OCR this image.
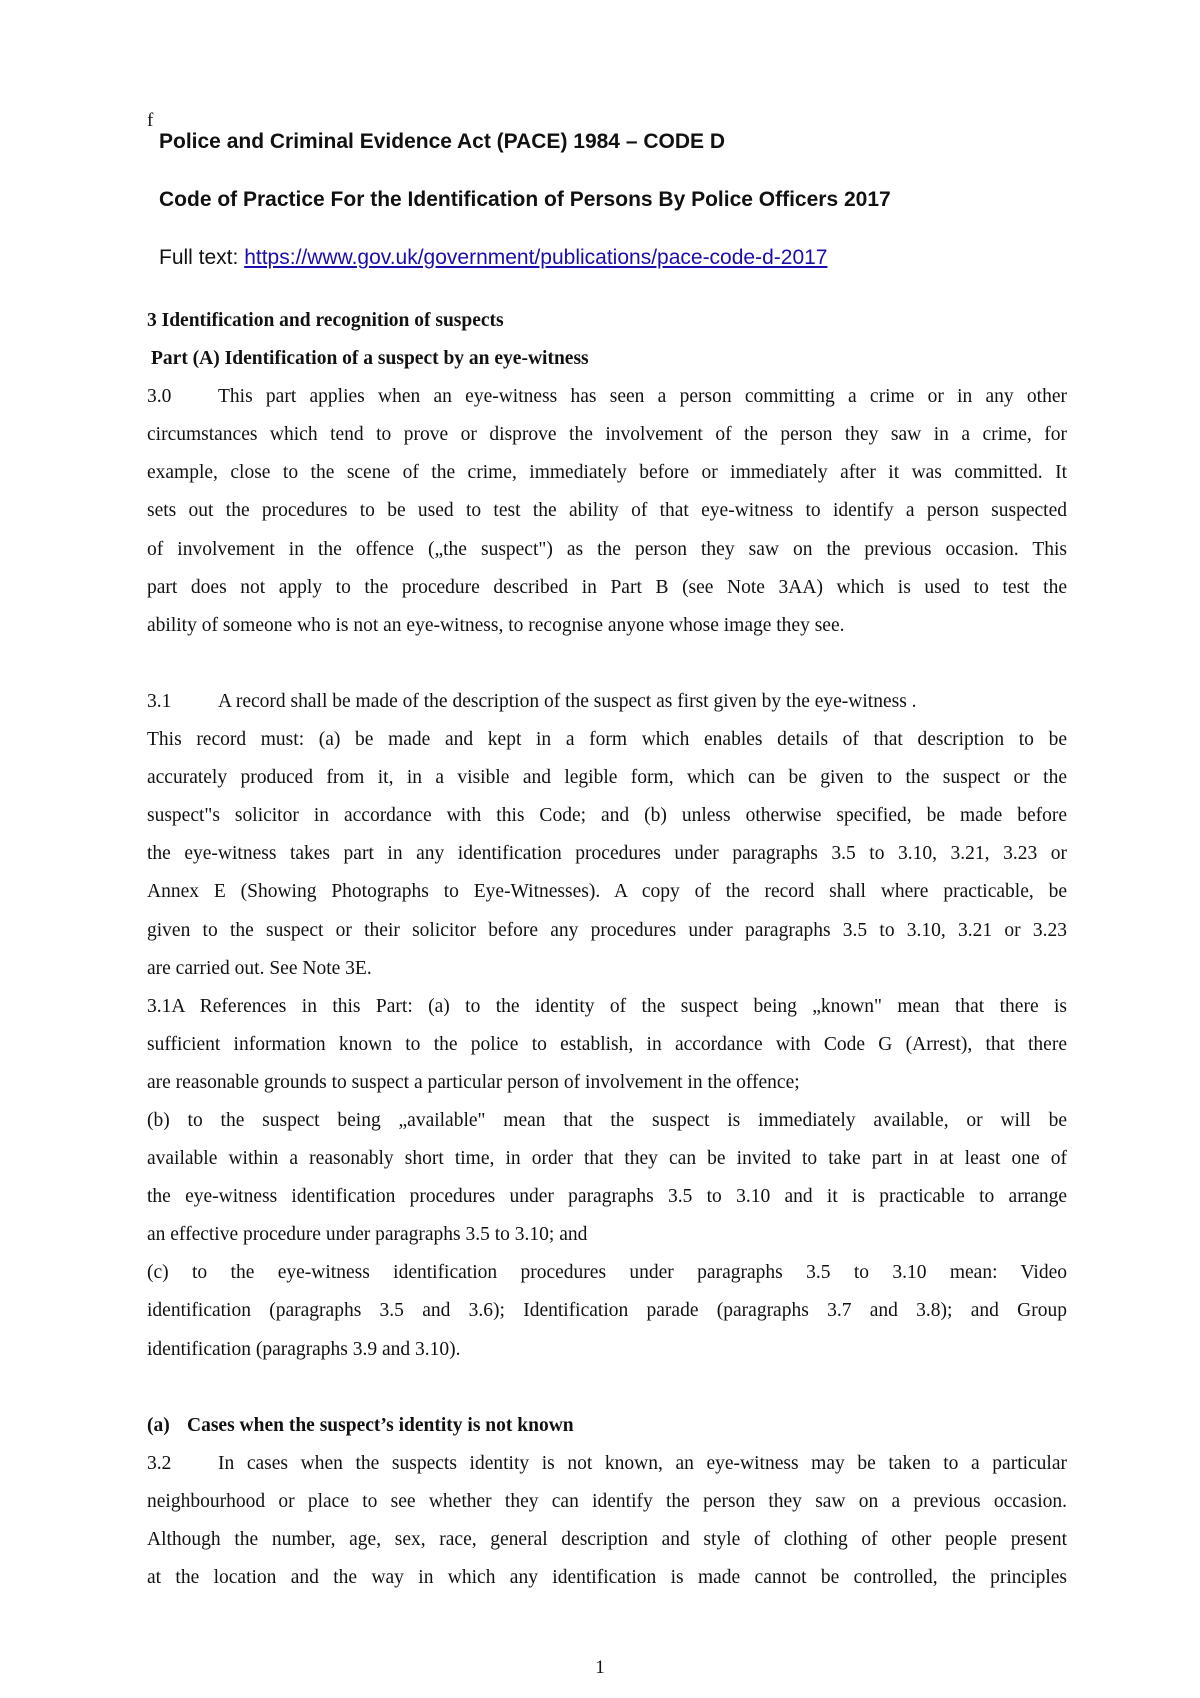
f
Police and Criminal Evidence Act (PACE) 1984 – CODE D
Code of Practice For the Identification of Persons By Police Officers 2017
Full text: https://www.gov.uk/government/publications/pace-code-d-2017
3 Identification and recognition of suspects
Part (A) Identification of a suspect by an eye-witness
3.0 This part applies when an eye-witness has seen a person committing a crime or in any other
circumstances which tend to prove or disprove the involvement of the person they saw in a crime, for
example, close to the scene of the crime, immediately before or immediately after it was committed. It
sets out the procedures to be used to test the ability of that eye-witness to identify a person suspected
of involvement in the offence („the suspect") as the person they saw on the previous occasion. This
part does not apply to the procedure described in Part B (see Note 3AA) which is used to test the
ability of someone who is not an eye-witness, to recognise anyone whose image they see.
3.1 A record shall be made of the description of the suspect as first given by the eye-witness .
This record must: (a) be made and kept in a form which enables details of that description to be
accurately produced from it, in a visible and legible form, which can be given to the suspect or the
suspect"s solicitor in accordance with this Code; and (b) unless otherwise specified, be made before
the eye-witness takes part in any identification procedures under paragraphs 3.5 to 3.10, 3.21, 3.23 or
Annex E (Showing Photographs to Eye-Witnesses). A copy of the record shall where practicable, be
given to the suspect or their solicitor before any procedures under paragraphs 3.5 to 3.10, 3.21 or 3.23
are carried out. See Note 3E.
3.1A References in this Part: (a) to the identity of the suspect being „known" mean that there is
sufficient information known to the police to establish, in accordance with Code G (Arrest), that there
are reasonable grounds to suspect a particular person of involvement in the offence;
(b) to the suspect being „available" mean that the suspect is immediately available, or will be
available within a reasonably short time, in order that they can be invited to take part in at least one of
the eye-witness identification procedures under paragraphs 3.5 to 3.10 and it is practicable to arrange
an effective procedure under paragraphs 3.5 to 3.10; and
(c) to the eye-witness identification procedures under paragraphs 3.5 to 3.10 mean: Video
identification (paragraphs 3.5 and 3.6); Identification parade (paragraphs 3.7 and 3.8); and Group
identification (paragraphs 3.9 and 3.10).
(a) Cases when the suspect’s identity is not known
3.2 In cases when the suspects identity is not known, an eye-witness may be taken to a particular
neighbourhood or place to see whether they can identify the person they saw on a previous occasion.
Although the number, age, sex, race, general description and style of clothing of other people present
at the location and the way in which any identification is made cannot be controlled, the principles
1
